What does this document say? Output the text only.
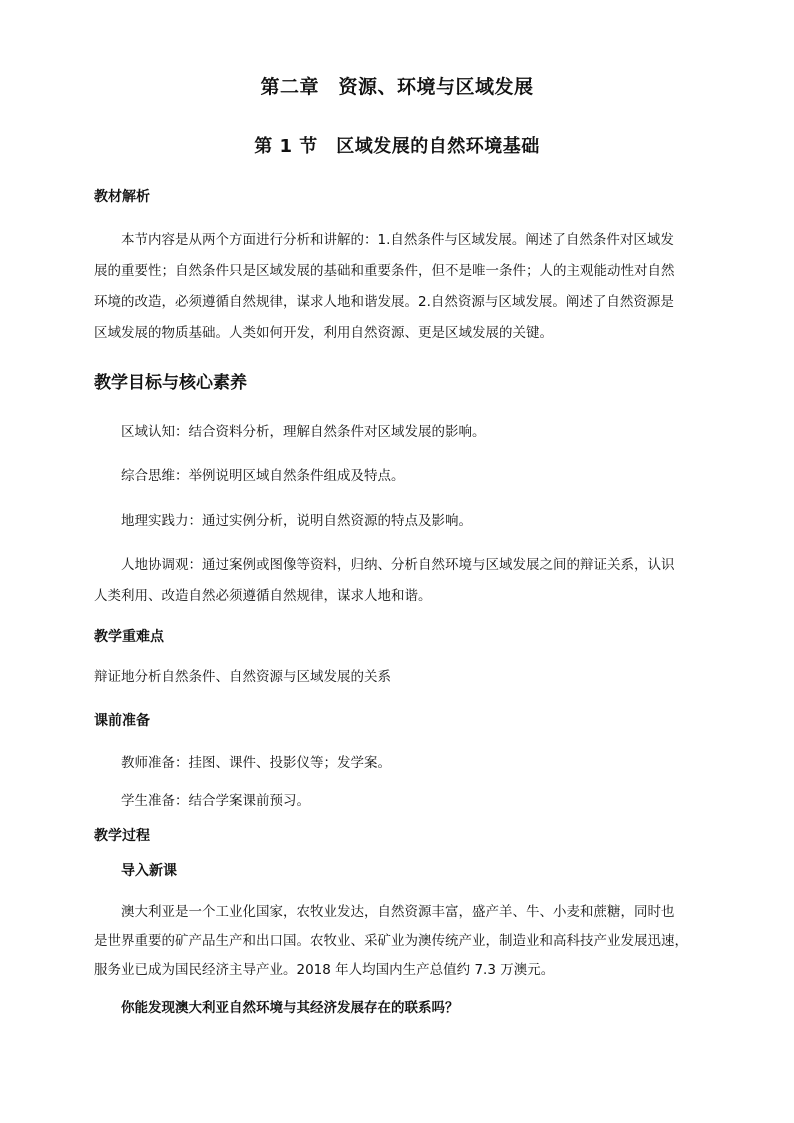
第二章　资源、环境与区域发展
第 1 节　区域发展的自然环境基础
教材解析
本节内容是从两个方面进行分析和讲解的：1.自然条件与区域发展。阐述了自然条件对区域发
展的重要性；自然条件只是区域发展的基础和重要条件，但不是唯一条件；人的主观能动性对自然
环境的改造，必须遵循自然规律，谋求人地和谐发展。2.自然资源与区域发展。阐述了自然资源是
区域发展的物质基础。人类如何开发，利用自然资源、更是区域发展的关键。
教学目标与核心素养
区域认知：结合资料分析，理解自然条件对区域发展的影响。
综合思维：举例说明区域自然条件组成及特点。
地理实践力：通过实例分析，说明自然资源的特点及影响。
人地协调观：通过案例或图像等资料，归纳、分析自然环境与区域发展之间的辩证关系，认识
人类利用、改造自然必须遵循自然规律，谋求人地和谐。
教学重难点
辩证地分析自然条件、自然资源与区域发展的关系
课前准备
教师准备：挂图、课件、投影仪等；发学案。
学生准备：结合学案课前预习。
教学过程
导入新课
澳大利亚是一个工业化国家，农牧业发达，自然资源丰富，盛产羊、牛、小麦和蔗糖，同时也
是世界重要的矿产品生产和出口国。农牧业、采矿业为澳传统产业，制造业和高科技产业发展迅速，
服务业已成为国民经济主导产业。2018 年人均国内生产总值约 7.3 万澳元。
你能发现澳大利亚自然环境与其经济发展存在的联系吗？
